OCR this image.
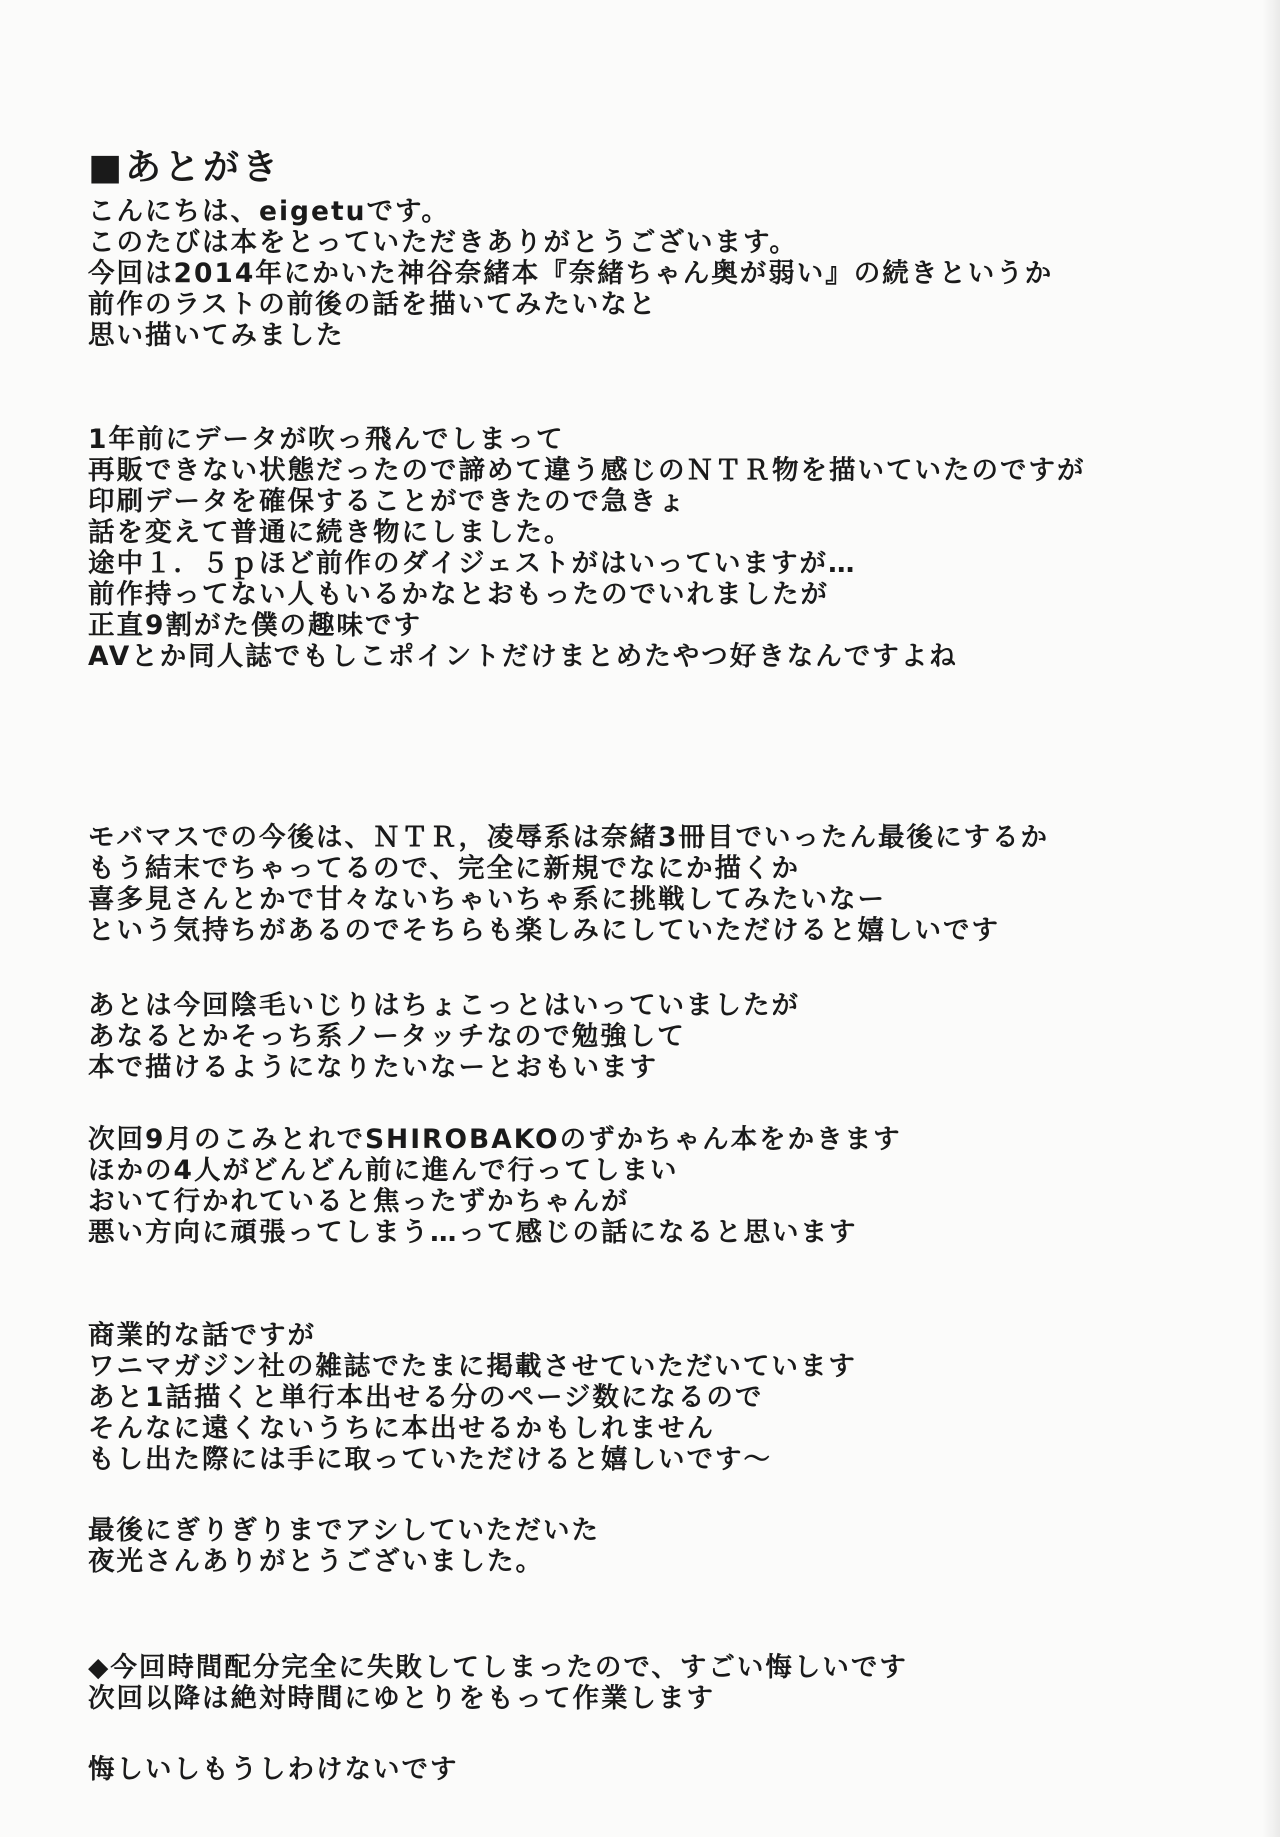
■あとがき
こんにちは、eigetuです。
このたびは本をとっていただきありがとうございます。
今回は2014年にかいた神谷奈緒本『奈緒ちゃん奥が弱い』の続きというか
前作のラストの前後の話を描いてみたいなと
思い描いてみました
1年前にデータが吹っ飛んでしまって
再販できない状態だったので諦めて違う感じのＮＴＲ物を描いていたのですが
印刷データを確保することができたので急きょ
話を変えて普通に続き物にしました。
途中１．５ｐほど前作のダイジェストがはいっていますが…
前作持ってない人もいるかなとおもったのでいれましたが
正直9割がた僕の趣味です
AVとか同人誌でもしこポイントだけまとめたやつ好きなんですよね
モバマスでの今後は、ＮＴＲ，凌辱系は奈緒3冊目でいったん最後にするか
もう結末でちゃってるので、完全に新規でなにか描くか
喜多見さんとかで甘々ないちゃいちゃ系に挑戦してみたいなー
という気持ちがあるのでそちらも楽しみにしていただけると嬉しいです
あとは今回陰毛いじりはちょこっとはいっていましたが
あなるとかそっち系ノータッチなので勉強して
本で描けるようになりたいなーとおもいます
次回9月のこみとれでSHIROBAKOのずかちゃん本をかきます
ほかの4人がどんどん前に進んで行ってしまい
おいて行かれていると焦ったずかちゃんが
悪い方向に頑張ってしまう…って感じの話になると思います
商業的な話ですが
ワニマガジン社の雑誌でたまに掲載させていただいています
あと1話描くと単行本出せる分のページ数になるので
そんなに遠くないうちに本出せるかもしれません
もし出た際には手に取っていただけると嬉しいです～
最後にぎりぎりまでアシしていただいた
夜光さんありがとうございました。
◆今回時間配分完全に失敗してしまったので、すごい悔しいです
次回以降は絶対時間にゆとりをもって作業します
悔しいしもうしわけないです
